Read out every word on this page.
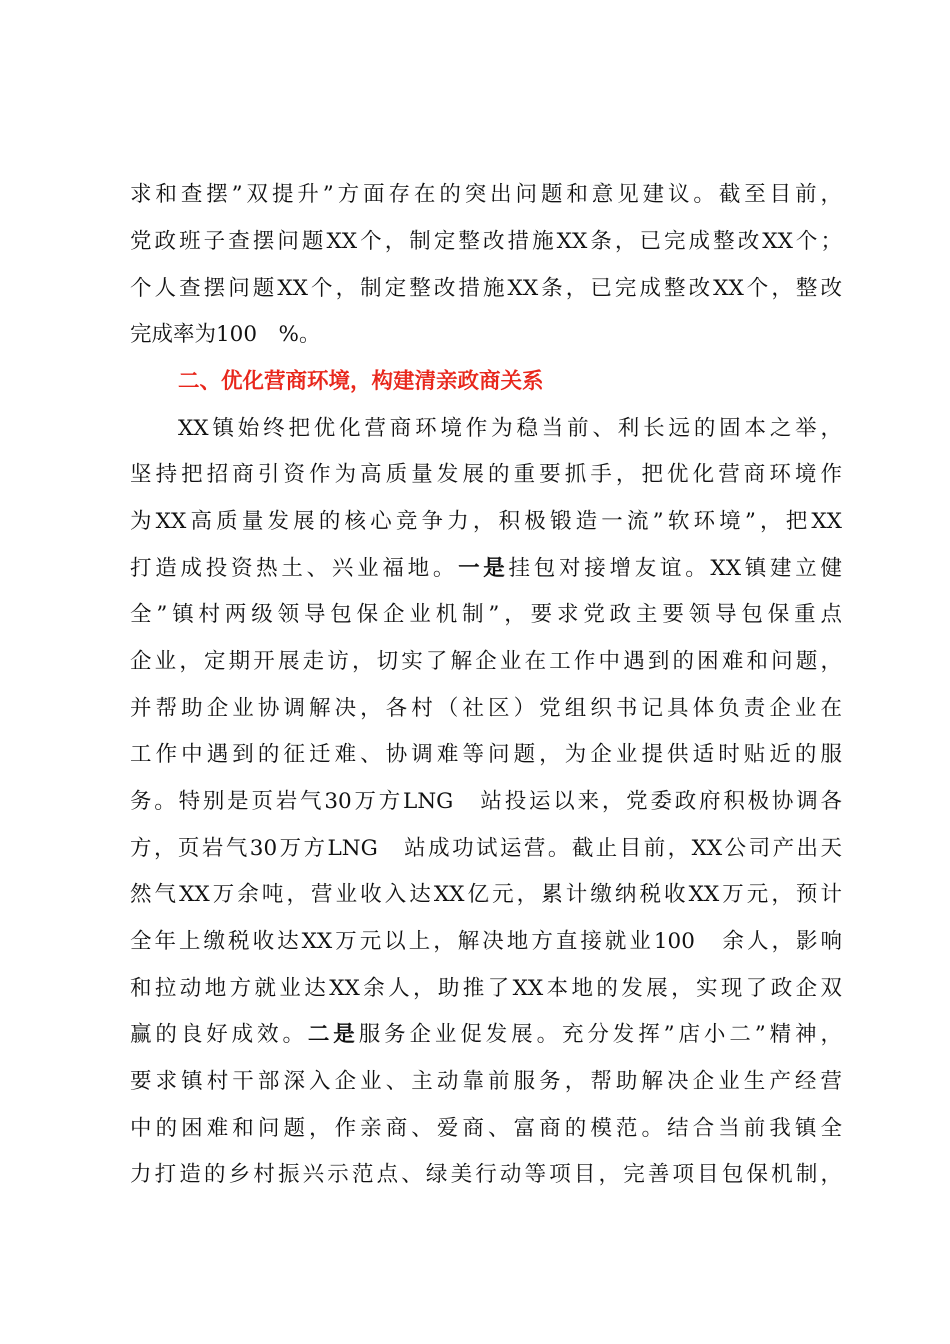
求和查摆”双提升”方面存在的突出问题和意见建议。截至目前，
党政班子查摆问题XX个，制定整改措施XX条，已完成整改XX个；
个人查摆问题XX个，制定整改措施XX条，已完成整改XX个，整改
完成率为100　%。
二、优化营商环境，构建清亲政商关系
XX镇始终把优化营商环境作为稳当前、利长远的固本之举，
坚持把招商引资作为高质量发展的重要抓手，把优化营商环境作
为XX高质量发展的核心竞争力，积极锻造一流”软环境”，把XX
打造成投资热土、兴业福地。一是挂包对接增友谊。XX镇建立健
全”镇村两级领导包保企业机制”，要求党政主要领导包保重点
企业，定期开展走访，切实了解企业在工作中遇到的困难和问题，
并帮助企业协调解决，各村（社区）党组织书记具体负责企业在
工作中遇到的征迁难、协调难等问题，为企业提供适时贴近的服
务。特别是页岩气30万方LNG　站投运以来，党委政府积极协调各
方，页岩气30万方LNG　站成功试运营。截止目前，XX公司产出天
然气XX万余吨，营业收入达XX亿元，累计缴纳税收XX万元，预计
全年上缴税收达XX万元以上，解决地方直接就业100　余人，影响
和拉动地方就业达XX余人，助推了XX本地的发展，实现了政企双
赢的良好成效。二是服务企业促发展。充分发挥”店小二”精神，
要求镇村干部深入企业、主动靠前服务，帮助解决企业生产经营
中的困难和问题，作亲商、爱商、富商的模范。结合当前我镇全
力打造的乡村振兴示范点、绿美行动等项目，完善项目包保机制，
